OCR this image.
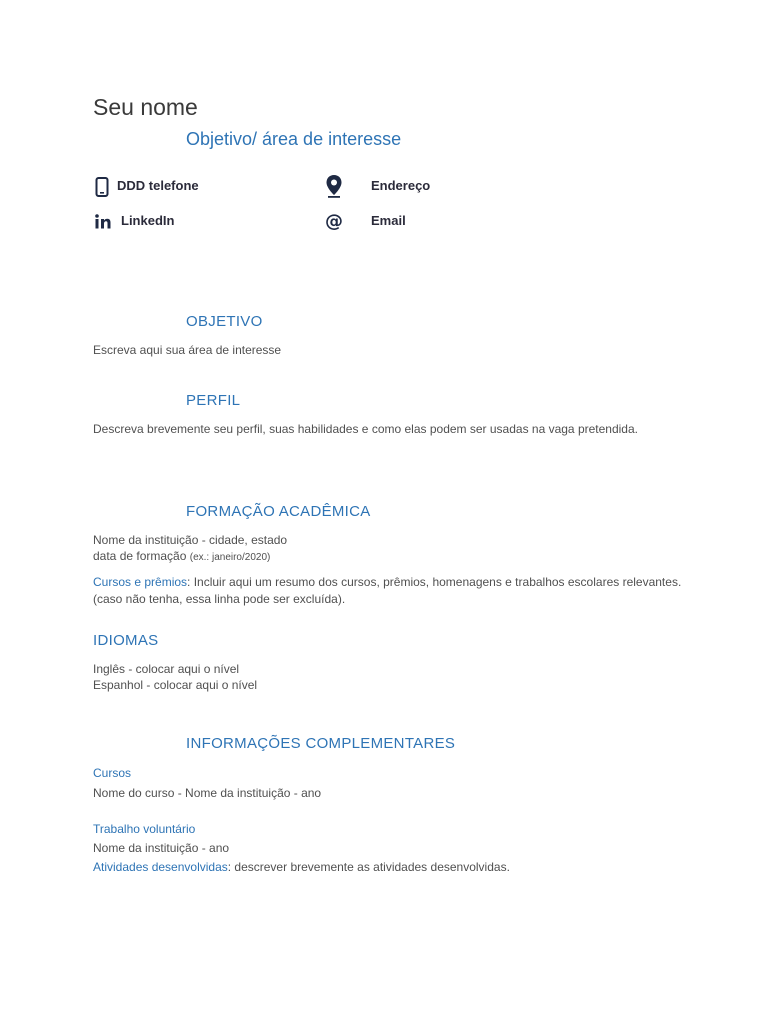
Seu nome
Objetivo/ área de interesse
DDD telefone	Endereço
LinkedIn	@ Email
OBJETIVO
Escreva aqui sua área de interesse
PERFIL
Descreva brevemente seu perfil, suas habilidades e como elas podem ser usadas na vaga pretendida.
FORMAÇÃO ACADÊMICA
Nome da instituição - cidade, estado
data de formação (ex.: janeiro/2020)
Cursos e prêmios: Incluir aqui um resumo dos cursos, prêmios, homenagens e trabalhos escolares relevantes. (caso não tenha, essa linha pode ser excluída).
IDIOMAS
Inglês - colocar aqui o nível
Espanhol - colocar aqui o nível
INFORMAÇÕES COMPLEMENTARES
Cursos
Nome do curso - Nome da instituição - ano
Trabalho voluntário
Nome da instituição - ano
Atividades desenvolvidas: descrever brevemente as atividades desenvolvidas.
